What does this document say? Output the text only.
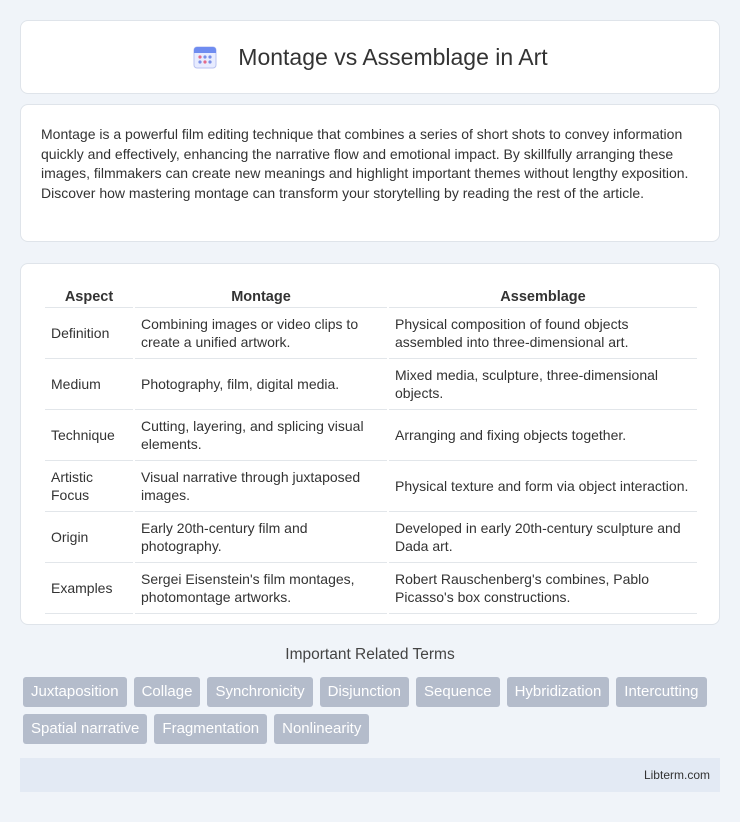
Montage vs Assemblage in Art

Montage is a powerful film editing technique that combines a series of short shots to convey information quickly and effectively, enhancing the narrative flow and emotional impact. By skillfully arranging these images, filmmakers can create new meanings and highlight important themes without lengthy exposition. Discover how mastering montage can transform your storytelling by reading the rest of the article.

Aspect	Montage	Assemblage
Definition	Combining images or video clips to create a unified artwork.	Physical composition of found objects assembled into three-dimensional art.
Medium	Photography, film, digital media.	Mixed media, sculpture, three-dimensional objects.
Technique	Cutting, layering, and splicing visual elements.	Arranging and fixing objects together.
Artistic Focus	Visual narrative through juxtaposed images.	Physical texture and form via object interaction.
Origin	Early 20th-century film and photography.	Developed in early 20th-century sculpture and Dada art.
Examples	Sergei Eisenstein's film montages, photomontage artworks.	Robert Rauschenberg's combines, Pablo Picasso's box constructions.
Important Related Terms
Juxtaposition	Collage	Synchronicity	Disjunction	Sequence	Hybridization	Intercutting
Spatial narrative	Fragmentation	Nonlinearity
Libterm.com
